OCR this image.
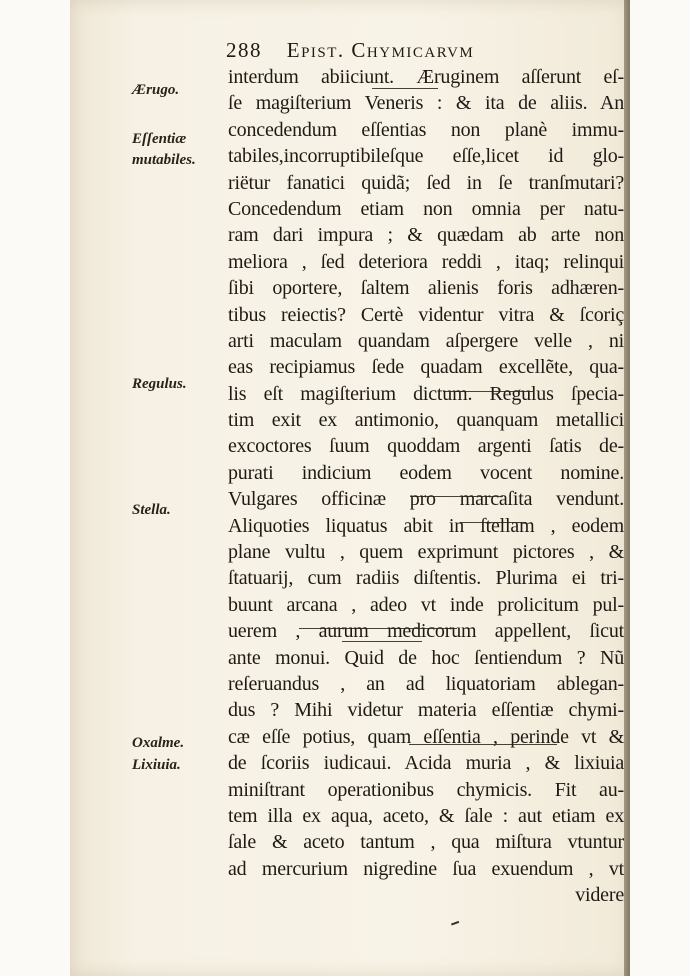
288 Epist. Chymicarvm
Ærugo.
Eſſentiæ
mutabiles.
Regulus.
Stella.
Oxalme.
Lixiuia.
interdum abiiciunt. Æruginem aſſerunt eſ-
ſe magiſterium Veneris : & ita de aliis. An
concedendum eſſentias non planè immu-
tabiles,incorruptibileſque eſſe,licet id glo-
riëtur fanatici quidã; ſed in ſe tranſmutari?
Concedendum etiam non omnia per natu-
ram dari impura ; & quædam ab arte non
meliora , ſed deteriora reddi , itaq; relinqui
ſibi oportere, ſaltem alienis foris adhæren-
tibus reiectis? Certè videntur vitra & ſcoriç
arti maculam quandam aſpergere velle , ni
eas recipiamus ſede quadam excellẽte, qua-
lis eſt magiſterium dictum. Regulus ſpecia-
tim exit ex antimonio, quanquam metallici
excoctores ſuum quoddam argenti ſatis de-
purati indicium eodem vocent nomine.
Vulgares officinæ pro marcaſita vendunt.
Aliquoties liquatus abit in ſtellam , eodem
plane vultu , quem exprimunt pictores , &
ſtatuarij, cum radiis diſtentis. Plurima ei tri-
buunt arcana , adeo vt inde prolicitum pul-
uerem , aurum medicorum appellent, ſicut
ante monui. Quid de hoc ſentiendum ? Nũ
reſeruandus , an ad liquatoriam ablegan-
dus ? Mihi videtur materia eſſentiæ chymi-
cæ eſſe potius, quam eſſentia , perinde vt &
de ſcoriis iudicaui. Acida muria , & lixiuia
miniſtrant operationibus chymicis. Fit au-
tem illa ex aqua, aceto, & ſale : aut etiam ex
ſale & aceto tantum , qua miſtura vtuntur
ad mercurium nigredine ſua exuendum , vt
videre
